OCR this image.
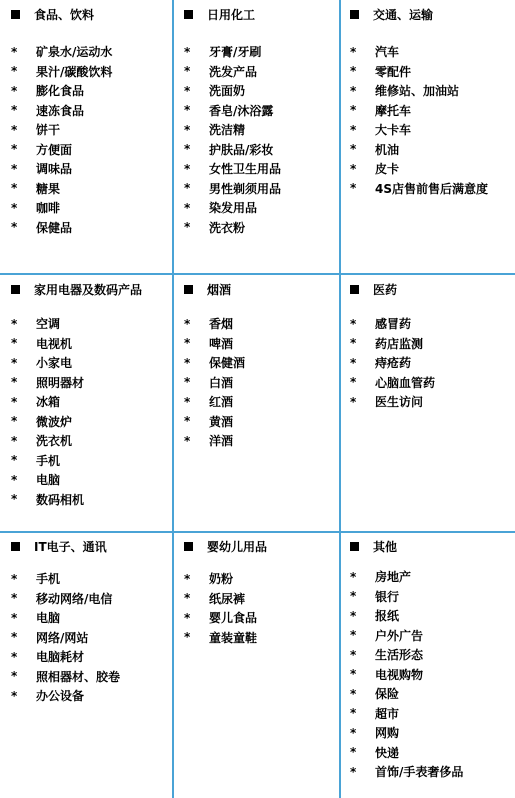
食品、饮料
*	矿泉水/运动水
*	果汁/碳酸饮料
*	膨化食品
*	速冻食品
*	饼干
*	方便面
*	调味品
*	糖果
*	咖啡
*	保健品
日用化工
*	牙膏/牙刷
*	洗发产品
*	洗面奶
*	香皂/沐浴露
*	洗洁精
*	护肤品/彩妆
*	女性卫生用品
*	男性剃须用品
*	染发用品
*	洗衣粉
交通、运输
*	汽车
*	零配件
*	维修站、加油站
*	摩托车
*	大卡车
*	机油
*	皮卡
*	4S店售前售后满意度
家用电器及数码产品
*	空调
*	电视机
*	小家电
*	照明器材
*	冰箱
*	微波炉
*	洗衣机
*	手机
*	电脑
*	数码相机
烟酒
*	香烟
*	啤酒
*	保健酒
*	白酒
*	红酒
*	黄酒
*	洋酒
医药
*	感冒药
*	药店监测
*	痔疮药
*	心脑血管药
*	医生访问
IT电子、通讯
*	手机
*	移动网络/电信
*	电脑
*	网络/网站
*	电脑耗材
*	照相器材、胶卷
*	办公设备
婴幼儿用品
*	奶粉
*	纸尿裤
*	婴儿食品
*	童装童鞋
其他
*	房地产
*	银行
*	报纸
*	户外广告
*	生活形态
*	电视购物
*	保险
*	超市
*	网购
*	快递
*	首饰/手表奢侈品
